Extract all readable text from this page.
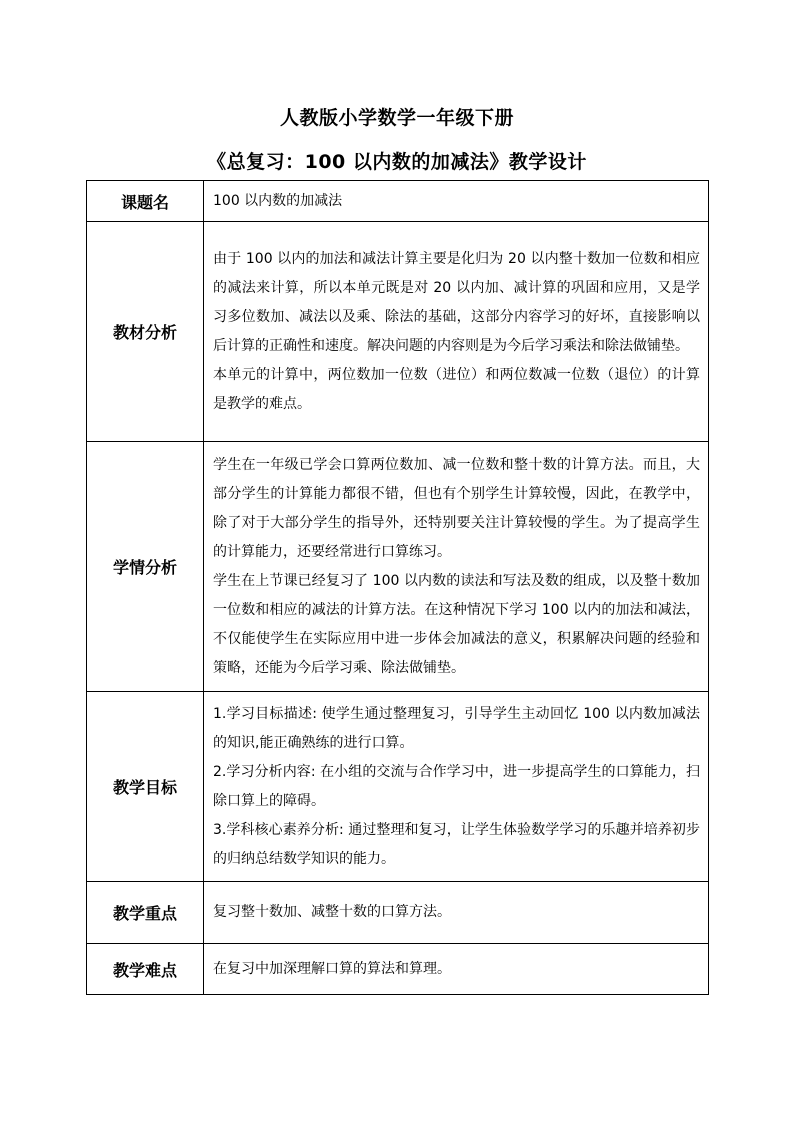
人教版小学数学一年级下册
《总复习：100 以内数的加减法》教学设计
课题名	100 以内数的加减法

教材分析	由于 100 以内的加法和减法计算主要是化归为 20 以内整十数加一位数和相应的减法来计算，所以本单元既是对 20 以内加、减计算的巩固和应用，又是学习多位数加、减法以及乘、除法的基础，这部分内容学习的好坏，直接影响以后计算的正确性和速度。解决问题的内容则是为今后学习乘法和除法做铺垫。

本单元的计算中，两位数加一位数（进位）和两位数减一位数（退位）的计算是教学的难点。

学情分析	学生在一年级已学会口算两位数加、减一位数和整十数的计算方法。而且，大部分学生的计算能力都很不错，但也有个别学生计算较慢，因此，在教学中，除了对于大部分学生的指导外，还特别要关注计算较慢的学生。为了提高学生的计算能力，还要经常进行口算练习。

学生在上节课已经复习了 100 以内数的读法和写法及数的组成，以及整十数加一位数和相应的减法的计算方法。在这种情况下学习 100 以内的加法和减法，不仅能使学生在实际应用中进一步体会加减法的意义，积累解决问题的经验和策略，还能为今后学习乘、除法做铺垫。

教学目标	1.学习目标描述: 使学生通过整理复习，引导学生主动回忆 100 以内数加减法的知识,能正确熟练的进行口算。

2.学习分析内容: 在小组的交流与合作学习中，进一步提高学生的口算能力，扫除口算上的障碍。

3.学科核心素养分析: 通过整理和复习，让学生体验数学学习的乐趣并培养初步的归纳总结数学知识的能力。

教学重点	复习整十数加、减整十数的口算方法。

教学难点	在复习中加深理解口算的算法和算理。
